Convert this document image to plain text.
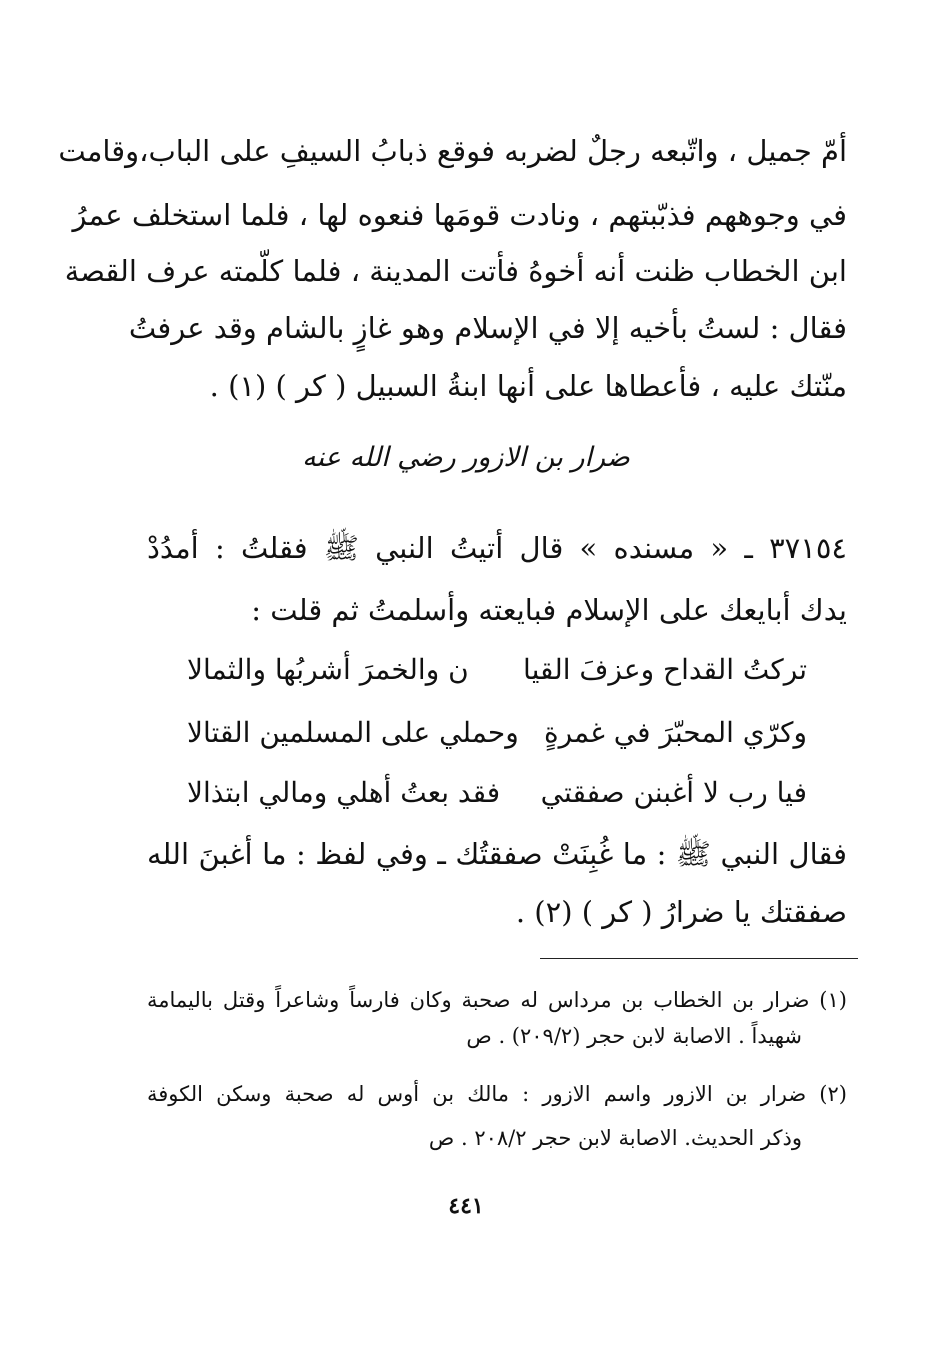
أمّ جميل ، واتّبعه رجلٌ لضربه فوقع ذبابُ السيفِ على الباب،وقامت
في وجوههم فذبّبتهم ، ونادت قومَها فنعوه لها ، فلما استخلف عمرُ
ابن الخطاب ظنت أنه أخوهُ فأتت المدينة ، فلما كلّمته عرف القصة
فقال : لستُ بأخيه إلا في الإسلام وهو غازٍ بالشام وقد عرفتُ
منّتك عليه ، فأعطاها على أنها ابنةُ السبيل ( كر ) (١) .
ضرار بن الازور رضي الله عنه
٣٧١٥٤ ـ « مسنده » قال أتيتُ النبي ﷺ فقلتُ : أمدُدْ
يدك أبايعك على الإسلام فبايعته وأسلمتُ ثم قلت :
تركتُ القداح وعزفَ القيا
ن والخمرَ أشربُها والثمالا
وكرّي المحبّرَ في غمرةٍ
وحملي على المسلمين القتالا
فيا رب لا أغبنن صفقتي
فقد بعتُ أهلي ومالي ابتذالا
فقال النبي ﷺ : ما غُبِنَتْ صفقتُك ـ وفي لفظ : ما أغبنَ الله
صفقتك يا ضرارُ ( كر ) (٢) .
(١) ضرار بن الخطاب بن مرداس له صحبة وكان فارساً وشاعراً وقتل باليمامة
شهيداً . الاصابة لابن حجر (٢٠٩/٢) . ص
(٢) ضرار بن الازور واسم الازور : مالك بن أوس له صحبة وسكن الكوفة
وذكر الحديث. الاصابة لابن حجر ٢٠٨/٢ . ص
٤٤١
